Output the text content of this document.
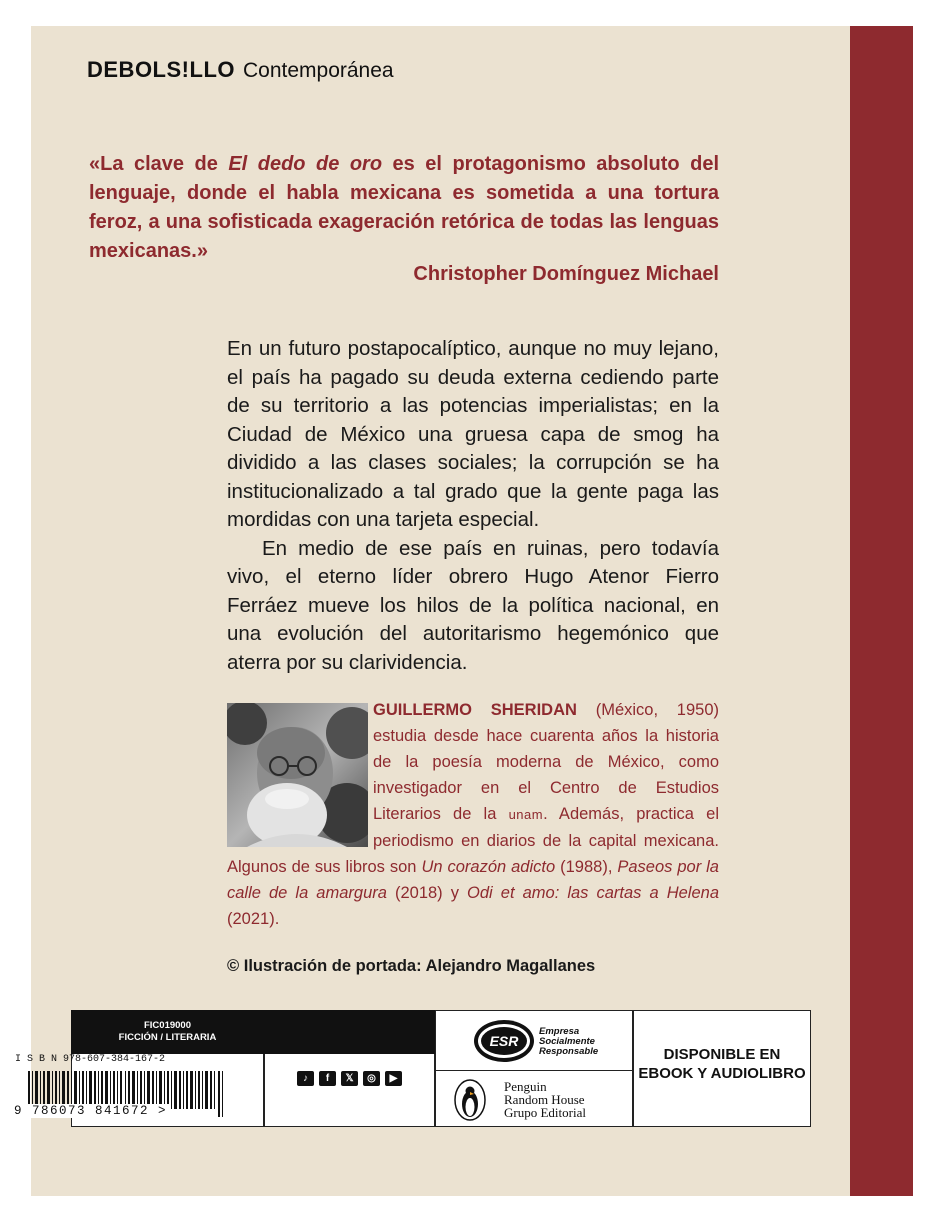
DEBOLS!LLO Contemporánea
«La clave de El dedo de oro es el protagonismo absoluto del lenguaje, donde el habla mexicana es sometida a una tortura feroz, a una sofisticada exageración retórica de todas las lenguas mexicanas.»
Christopher Domínguez Michael

En un futuro postapocalíptico, aunque no muy lejano, el país ha pagado su deuda externa cediendo parte de su territorio a las potencias imperialistas; en la Ciudad de México una gruesa capa de smog ha dividido a las clases sociales; la corrupción se ha institucionalizado a tal grado que la gente paga las mordidas con una tarjeta especial.

En medio de ese país en ruinas, pero todavía vivo, el eterno líder obrero Hugo Atenor Fierro Ferráez mueve los hilos de la política nacional, en una evolución del autoritarismo hegemónico que aterra por su clarividencia.

GUILLERMO SHERIDAN (México, 1950) estudia desde hace cuarenta años la historia de la poesía moderna de México, como investigador en el Centro de Estudios Literarios de la unam. Además, practica el periodismo en diarios de la capital mexicana. Algunos de sus libros son Un corazón adicto (1988), Paseos por la calle de la amargura (2018) y Odi et amo: las cartas a Helena (2021).
© Ilustración de portada: Alejandro Magallanes
FIC019000
FICCIÓN / LITERARIA
I S B N 978-607-384-167-2
9 786073 841672 >
♪	f	𝕏	◎	▶
ESR
Empresa
Socialmente
Responsable
Penguin
Random House
Grupo Editorial
DISPONIBLE EN
EBOOK Y AUDIOLIBRO
